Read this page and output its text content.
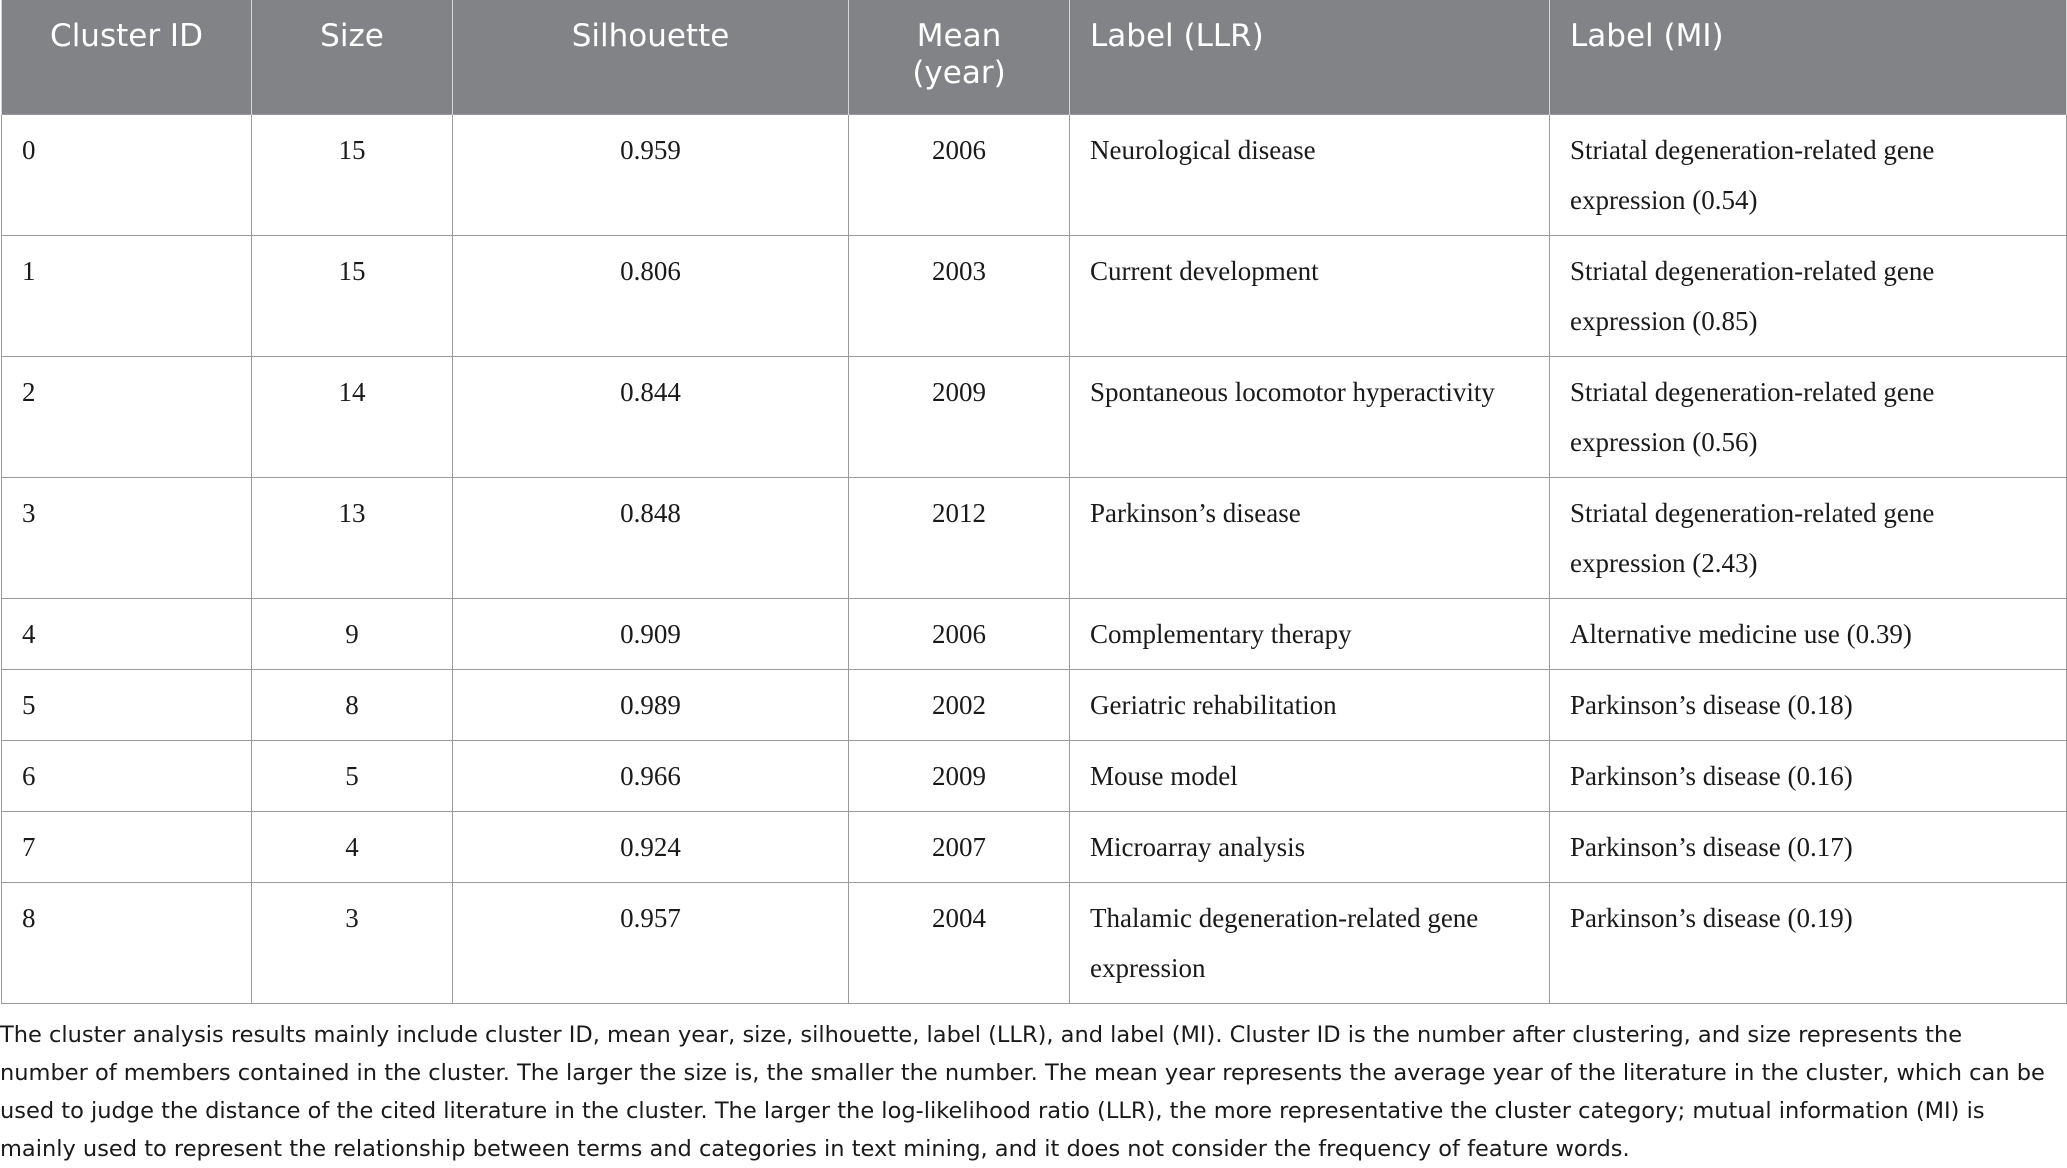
Cluster ID	Size	Silhouette	Mean (year)	Label (LLR)	Label (MI)
0	15	0.959	2006	Neurological disease	Striatal degeneration-related gene expression (0.54)
1	15	0.806	2003	Current development	Striatal degeneration-related gene expression (0.85)
2	14	0.844	2009	Spontaneous locomotor hyperactivity	Striatal degeneration-related gene expression (0.56)
3	13	0.848	2012	Parkinson’s disease	Striatal degeneration-related gene expression (2.43)
4	9	0.909	2006	Complementary therapy	Alternative medicine use (0.39)
5	8	0.989	2002	Geriatric rehabilitation	Parkinson’s disease (0.18)
6	5	0.966	2009	Mouse model	Parkinson’s disease (0.16)
7	4	0.924	2007	Microarray analysis	Parkinson’s disease (0.17)
8	3	0.957	2004	Thalamic degeneration-related gene expression	Parkinson’s disease (0.19)

The cluster analysis results mainly include cluster ID, mean year, size, silhouette, label (LLR), and label (MI). Cluster ID is the number after clustering, and size represents the number of members contained in the cluster. The larger the size is, the smaller the number. The mean year represents the average year of the literature in the cluster, which can be used to judge the distance of the cited literature in the cluster. The larger the log-likelihood ratio (LLR), the more representative the cluster category; mutual information (MI) is mainly used to represent the relationship between terms and categories in text mining, and it does not consider the frequency of feature words.
